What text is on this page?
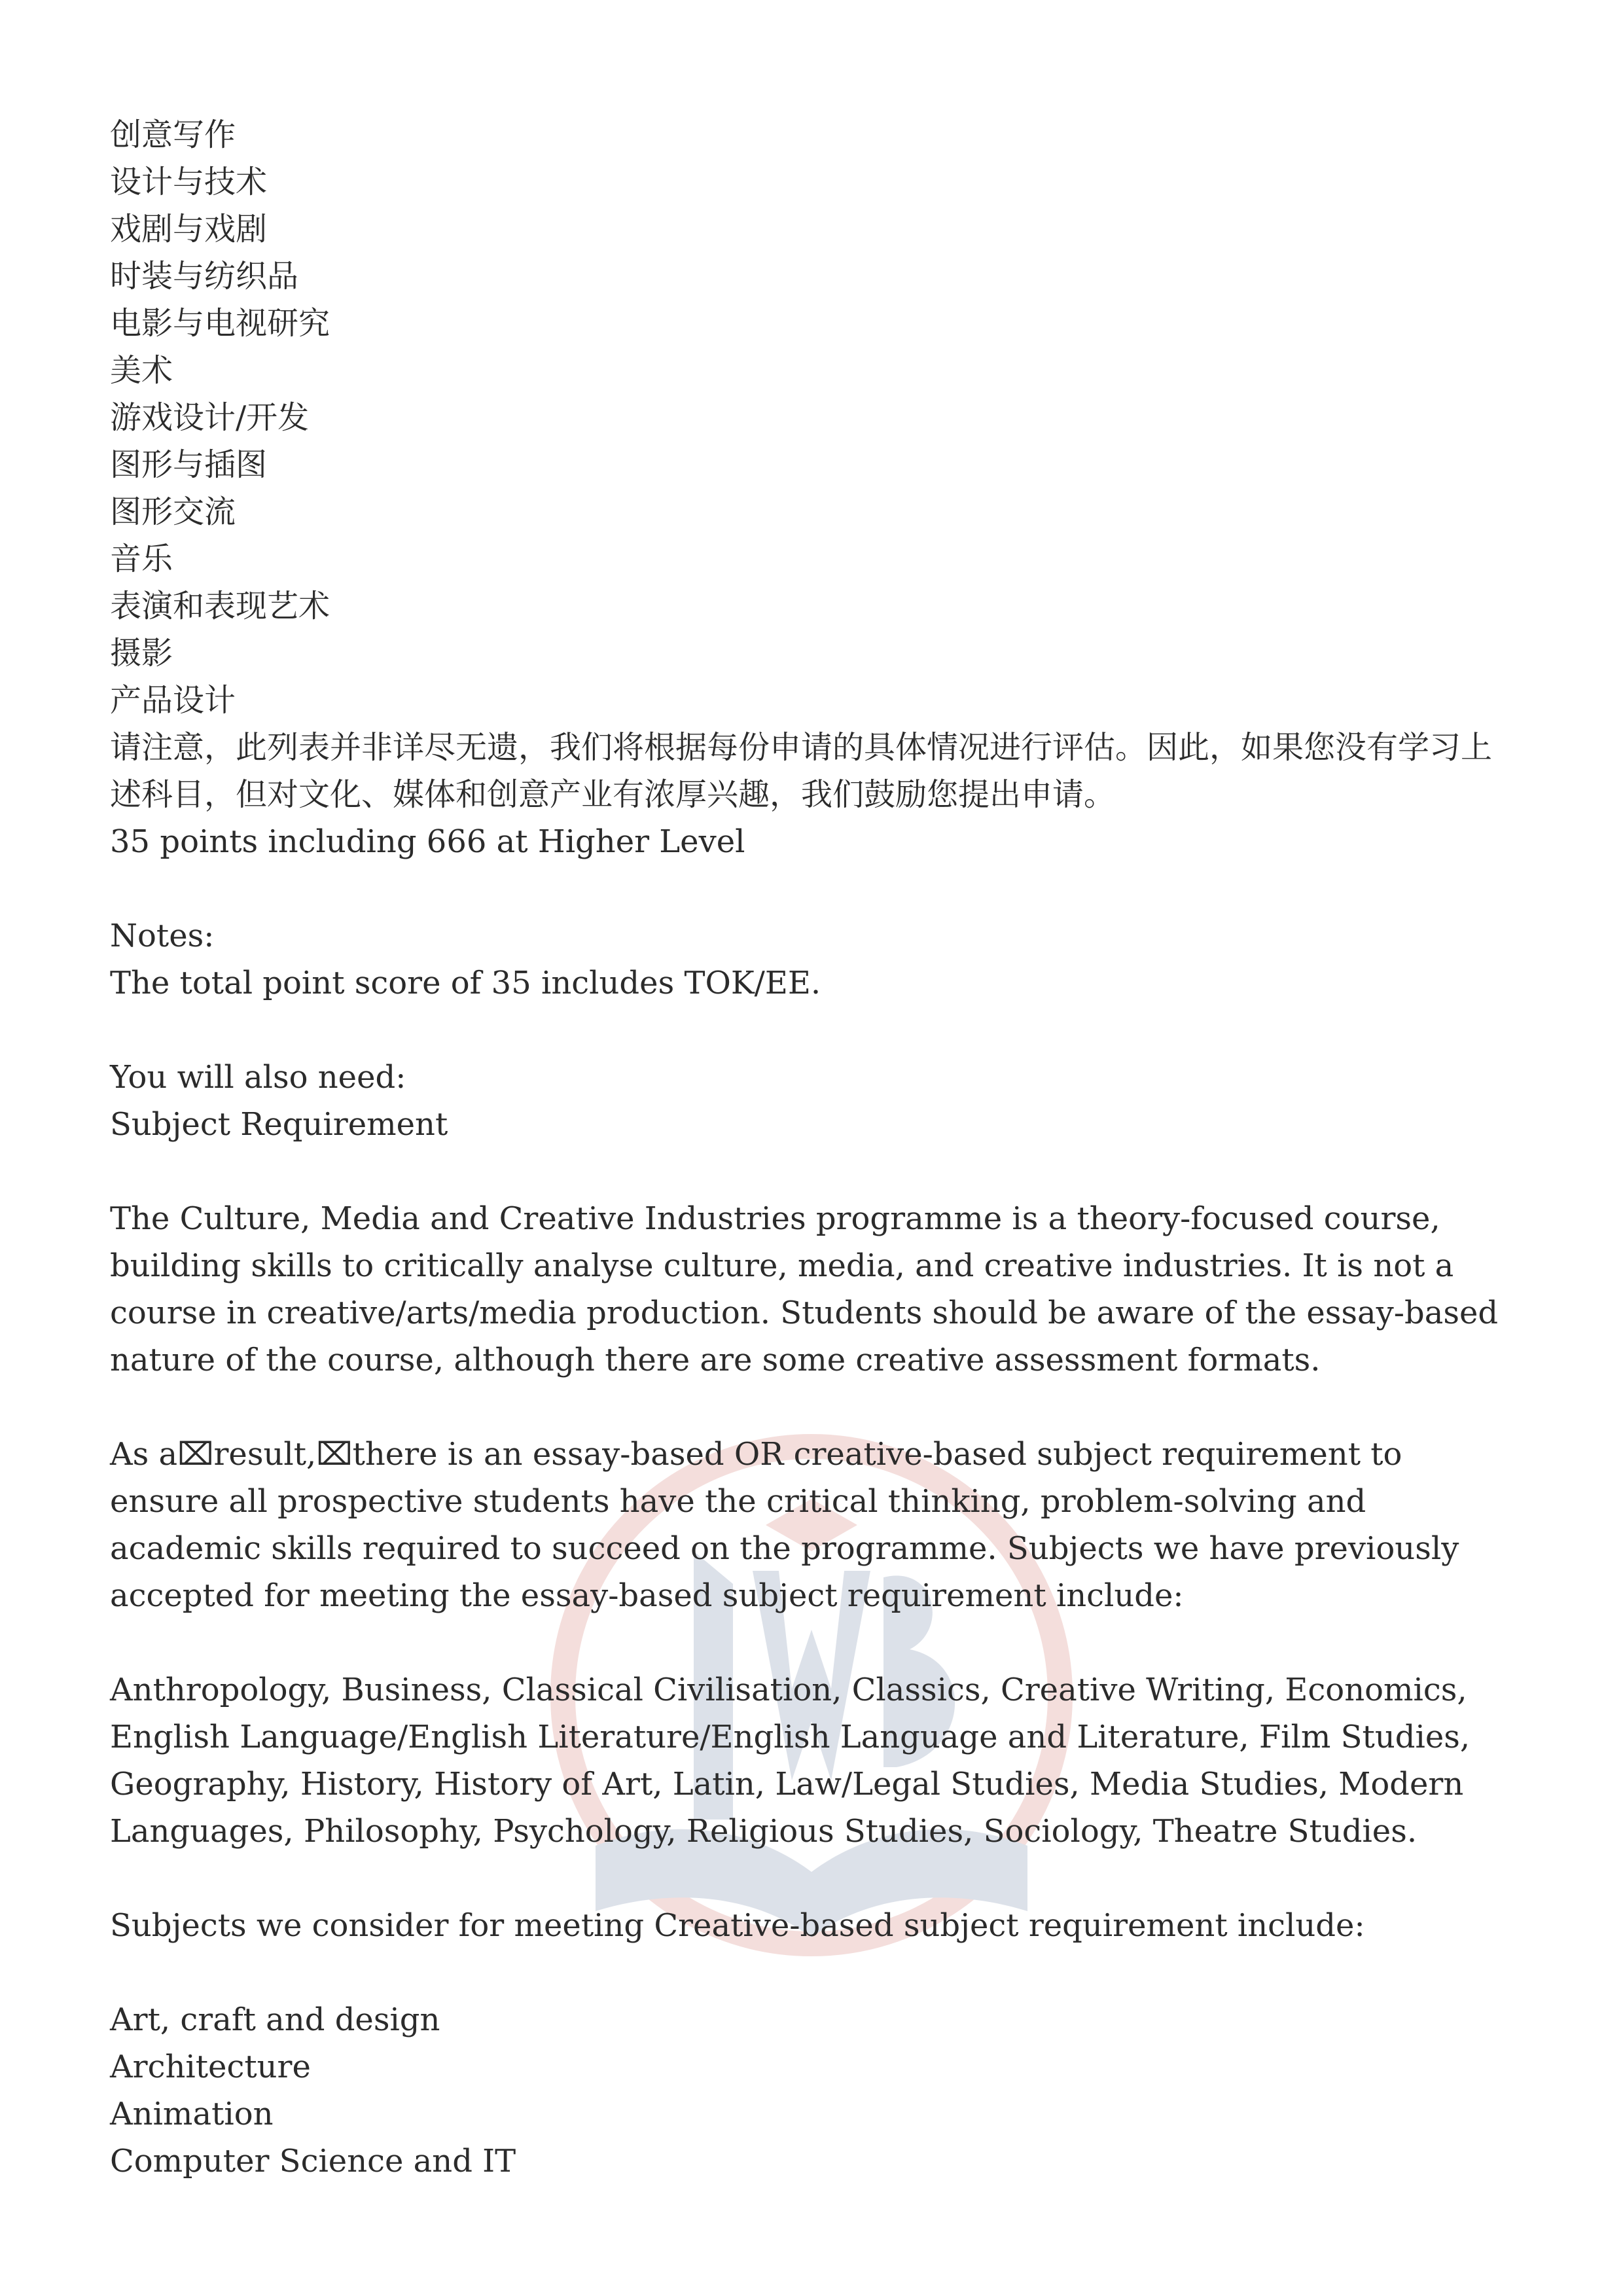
创意写作

设计与技术

戏剧与戏剧

时装与纺织品

电影与电视研究

美术

游戏设计/开发

图形与插图

图形交流

音乐

表演和表现艺术

摄影

产品设计

请注意，此列表并非详尽无遗，我们将根据每份申请的具体情况进行评估。因此，如果您没有学习上述科目，但对文化、媒体和创意产业有浓厚兴趣，我们鼓励您提出申请。

35 points including 666 at Higher Level

Notes:

The total point score of 35 includes TOK/EE.

You will also need:

Subject Requirement

The Culture, Media and Creative Industries programme is a theory-focused course, building skills to critically analyse culture, media, and creative industries. It is not a course in creative/arts/media production. Students should be aware of the essay-based nature of the course, although there are some creative assessment formats.

As a⌧result,⌧there is an essay-based OR creative-based subject requirement to ensure all prospective students have the critical thinking, problem-solving and academic skills required to succeed on the programme. Subjects we have previously accepted for meeting the essay-based subject requirement include:

Anthropology, Business, Classical Civilisation, Classics, Creative Writing, Economics, English Language/English Literature/English Language and Literature, Film Studies, Geography, History, History of Art, Latin, Law/Legal Studies, Media Studies, Modern Languages, Philosophy, Psychology, Religious Studies, Sociology, Theatre Studies.

Subjects we consider for meeting Creative-based subject requirement include:

Art, craft and design

Architecture

Animation

Computer Science and IT
